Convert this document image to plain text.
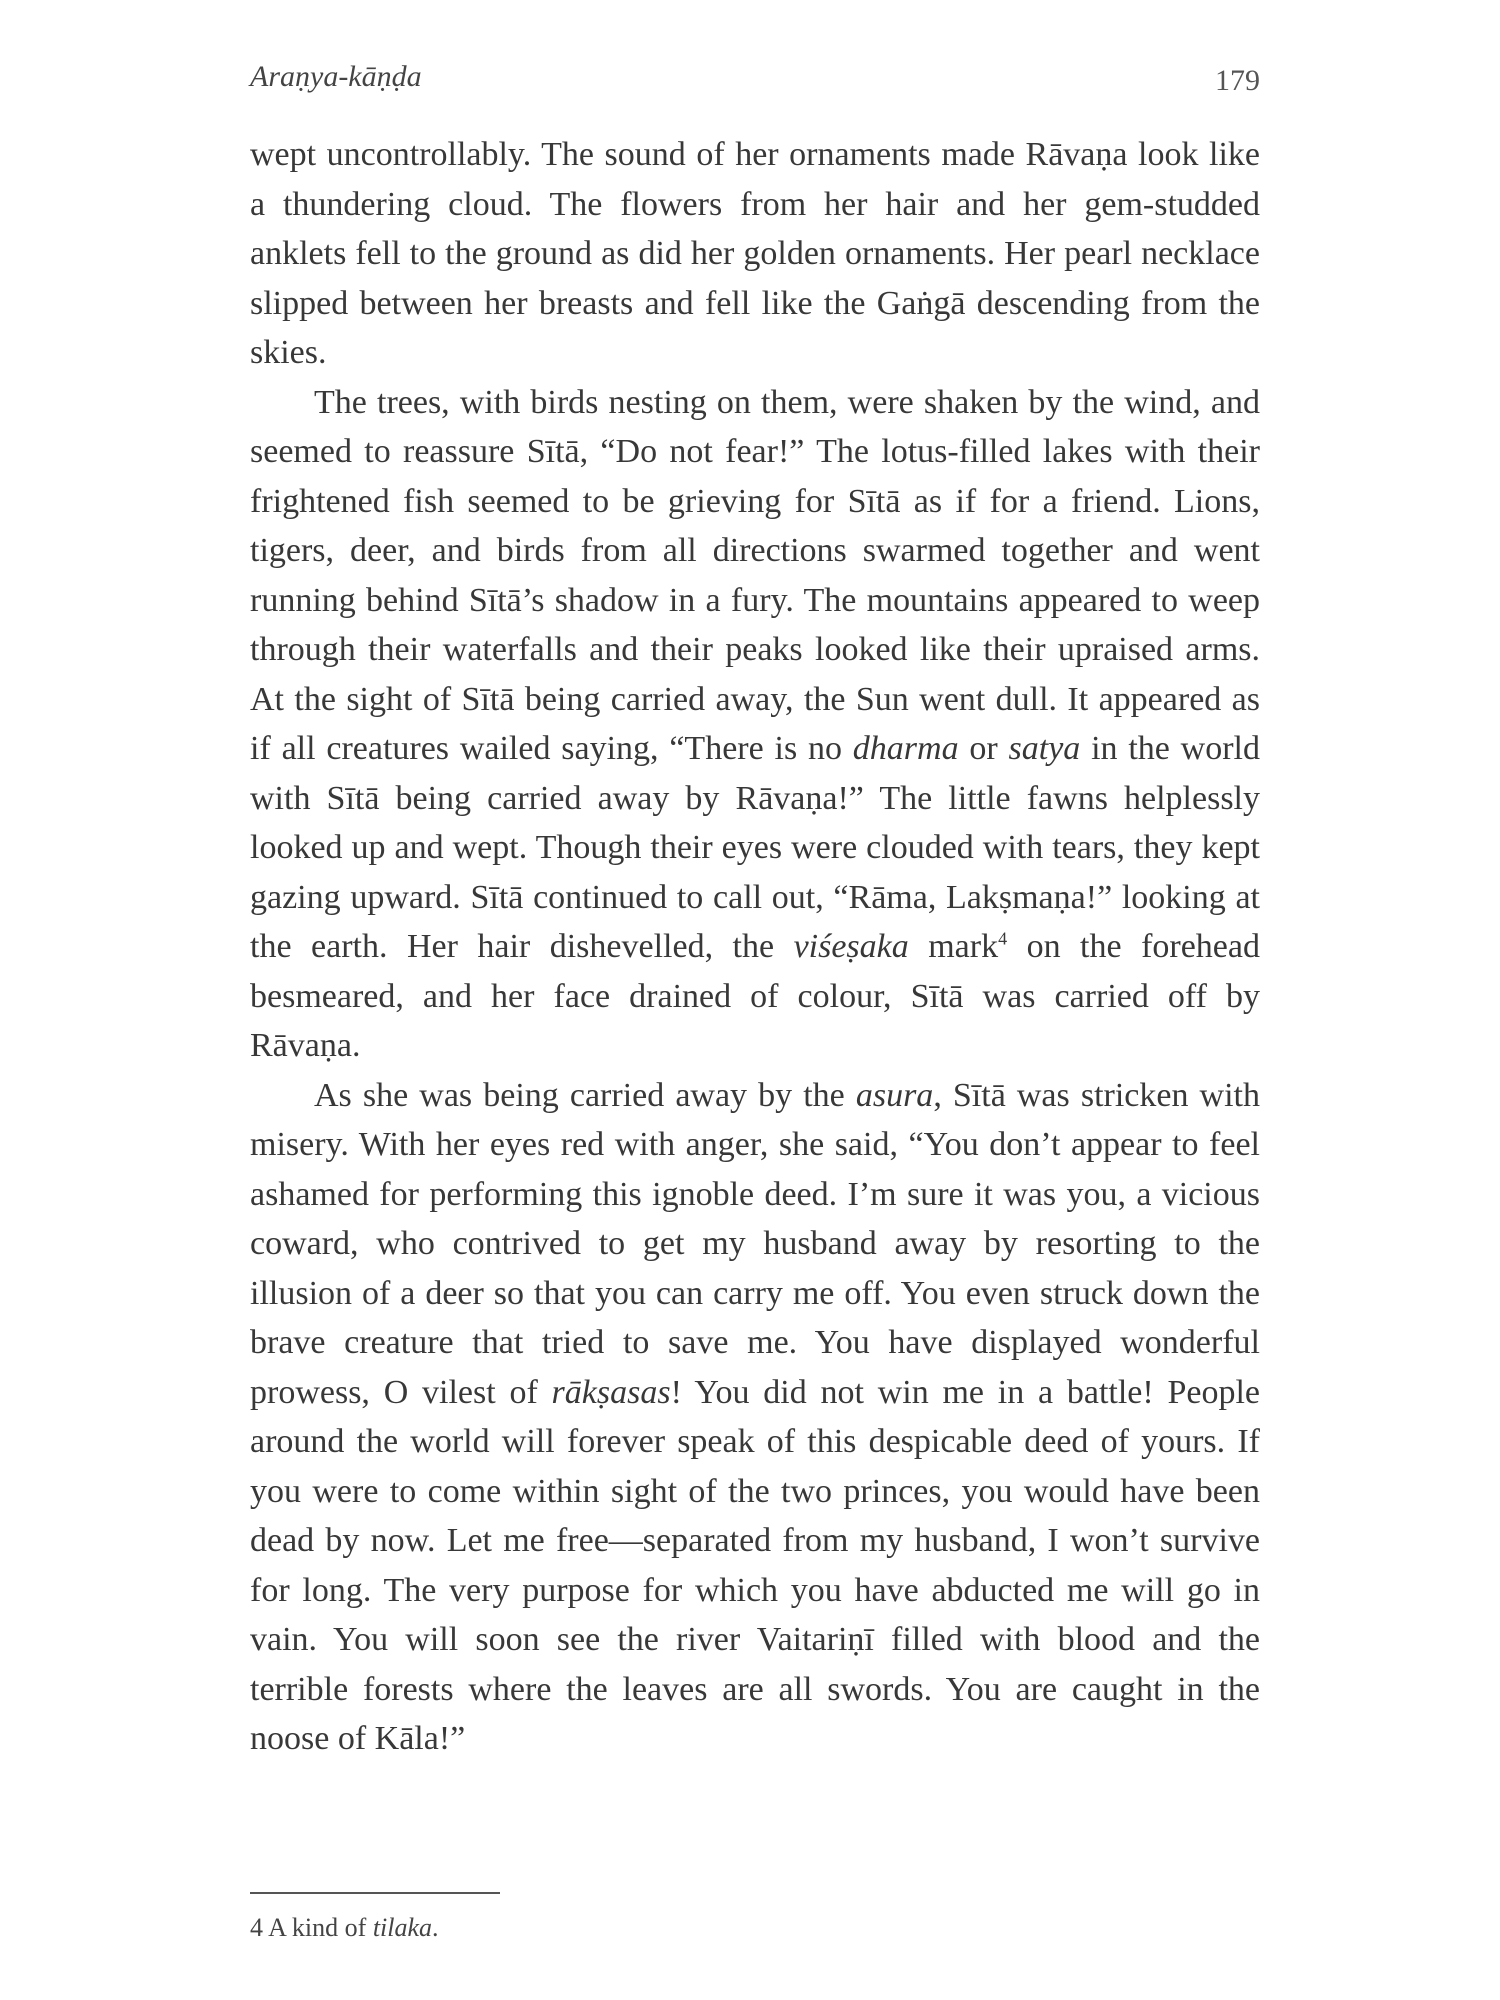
Araṇya-kāṇḍa	179

wept uncontrollably. The sound of her ornaments made Rāvaṇa look like a thundering cloud. The flowers from her hair and her gem-studded anklets fell to the ground as did her golden ornaments. Her pearl necklace slipped between her breasts and fell like the Gaṅgā descending from the skies.

The trees, with birds nesting on them, were shaken by the wind, and seemed to reassure Sītā, “Do not fear!” The lotus-filled lakes with their frightened fish seemed to be grieving for Sītā as if for a friend. Lions, tigers, deer, and birds from all directions swarmed together and went running behind Sītā’s shadow in a fury. The mountains appeared to weep through their waterfalls and their peaks looked like their upraised arms. At the sight of Sītā being carried away, the Sun went dull. It appeared as if all creatures wailed saying, “There is no dharma or satya in the world with Sītā being carried away by Rāvaṇa!” The little fawns helplessly looked up and wept. Though their eyes were clouded with tears, they kept gazing upward. Sītā continued to call out, “Rāma, Lakṣmaṇa!” looking at the earth. Her hair dishevelled, the viśeṣaka mark$^4$ on the forehead besmeared, and her face drained of colour, Sītā was carried off by Rāvaṇa.

As she was being carried away by the asura, Sītā was stricken with misery. With her eyes red with anger, she said, “You don’t appear to feel ashamed for performing this ignoble deed. I’m sure it was you, a vicious coward, who contrived to get my husband away by resorting to the illusion of a deer so that you can carry me off. You even struck down the brave creature that tried to save me. You have displayed wonderful prowess, O vilest of rākṣasas! You did not win me in a battle! People around the world will forever speak of this despicable deed of yours. If you were to come within sight of the two princes, you would have been dead by now. Let me free—separated from my husband, I won’t survive for long. The very purpose for which you have abducted me will go in vain. You will soon see the river Vaitariṇī filled with blood and the terrible forests where the leaves are all swords. You are caught in the noose of Kāla!”

4 A kind of tilaka.
